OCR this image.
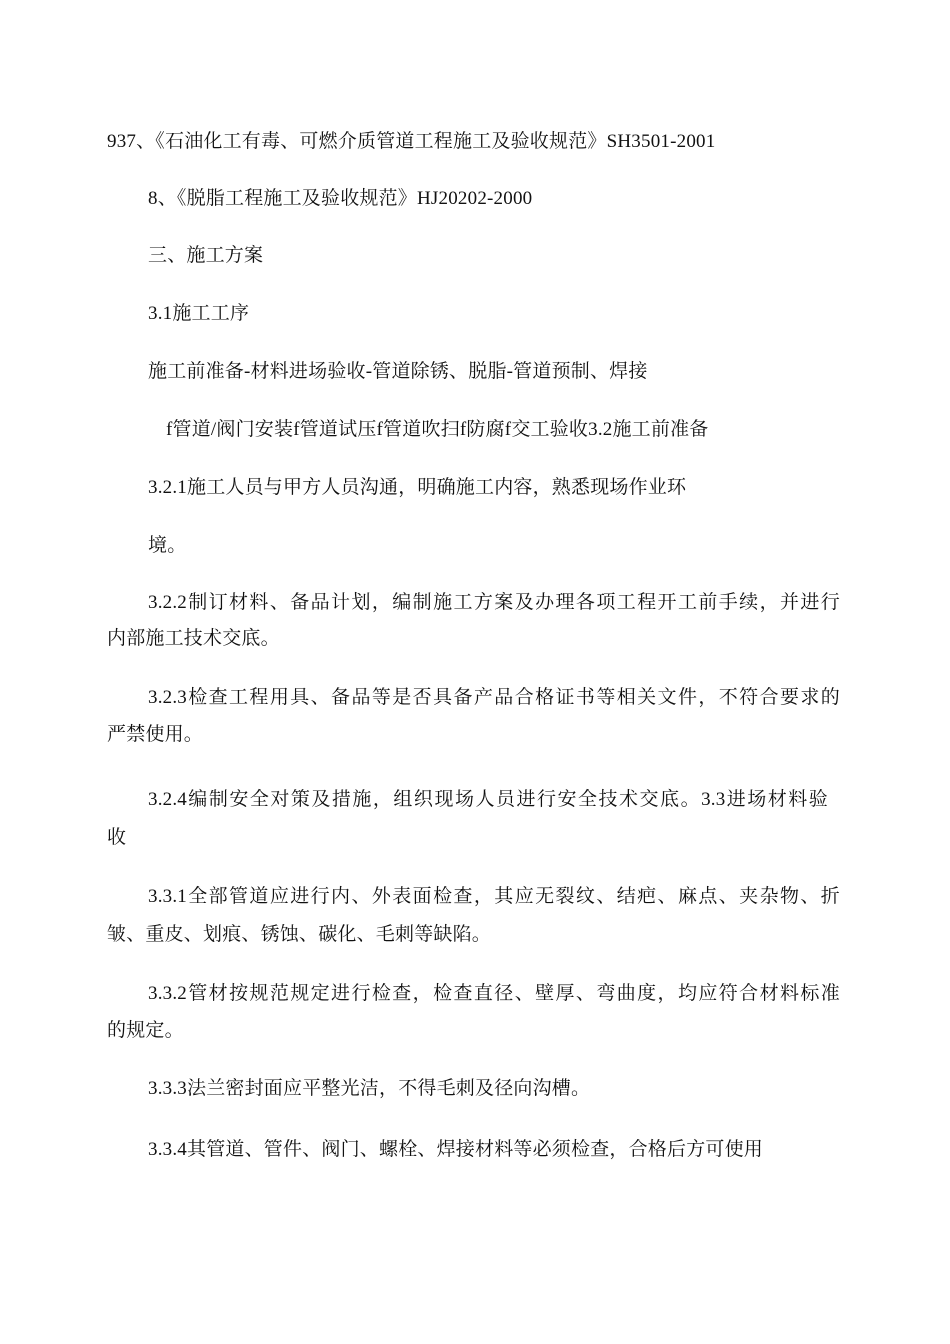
937、《石油化工有毒、可燃介质管道工程施工及验收规范》SH3501-2001
8、《脱脂工程施工及验收规范》HJ20202-2000
三、施工方案
3.1施工工序
施工前准备-材料进场验收-管道除锈、脱脂-管道预制、焊接
f管道/阀门安装f管道试压f管道吹扫f防腐f交工验收3.2施工前准备
3.2.1施工人员与甲方人员沟通，明确施工内容，熟悉现场作业环
境。
3.2.2制订材料、备品计划，编制施工方案及办理各项工程开工前手续，并进行
内部施工技术交底。
3.2.3检查工程用具、备品等是否具备产品合格证书等相关文件，不符合要求的
严禁使用。
3.2.4编制安全对策及措施，组织现场人员进行安全技术交底。3.3进场材料验
收
3.3.1全部管道应进行内、外表面检查，其应无裂纹、结疤、麻点、夹杂物、折
皱、重皮、划痕、锈蚀、碳化、毛刺等缺陷。
3.3.2管材按规范规定进行检查，检查直径、壁厚、弯曲度，均应符合材料标准
的规定。
3.3.3法兰密封面应平整光洁，不得毛刺及径向沟槽。
3.3.4其管道、管件、阀门、螺栓、焊接材料等必须检查，合格后方可使用
